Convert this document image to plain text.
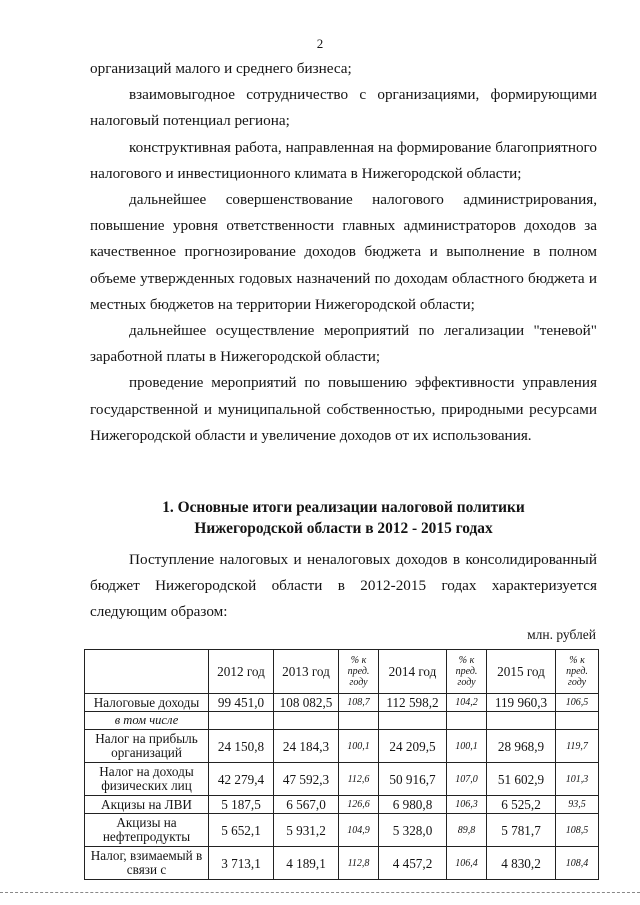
2

организаций малого и среднего бизнеса;

взаимовыгодное сотрудничество с организациями, формирующими налоговый потенциал региона;

конструктивная работа, направленная на формирование благоприятного налогового и инвестиционного климата в Нижегородской области;

дальнейшее совершенствование налогового администрирования, повышение уровня ответственности главных администраторов доходов за качественное прогнозирование доходов бюджета и выполнение в полном объеме утвержденных годовых назначений по доходам областного бюджета и местных бюджетов на территории Нижегородской области;

дальнейшее осуществление мероприятий по легализации "теневой" заработной платы в Нижегородской области;

проведение мероприятий по повышению эффективности управления государственной и муниципальной собственностью, природными ресурсами Нижегородской области и увеличение доходов от их использования.

1. Основные итоги реализации налоговой политики
Нижегородской области в 2012 - 2015 годах

Поступление налоговых и неналоговых доходов в консолидированный бюджет Нижегородской области в 2012-2015 годах характеризуется следующим образом:

млн. рублей
	2012 год	2013 год	% к пред. году	2014 год	% к пред. году	2015 год	% к пред. году
Налоговые доходы	99 451,0	108 082,5	108,7	112 598,2	104,2	119 960,3	106,5
в том числе							
Налог на прибыль организаций	24 150,8	24 184,3	100,1	24 209,5	100,1	28 968,9	119,7
Налог на доходы физических лиц	42 279,4	47 592,3	112,6	50 916,7	107,0	51 602,9	101,3
Акцизы на ЛВИ	5 187,5	6 567,0	126,6	6 980,8	106,3	6 525,2	93,5
Акцизы на нефтепродукты	5 652,1	5 931,2	104,9	5 328,0	89,8	5 781,7	108,5
Налог, взимаемый в связи с	3 713,1	4 189,1	112,8	4 457,2	106,4	4 830,2	108,4
